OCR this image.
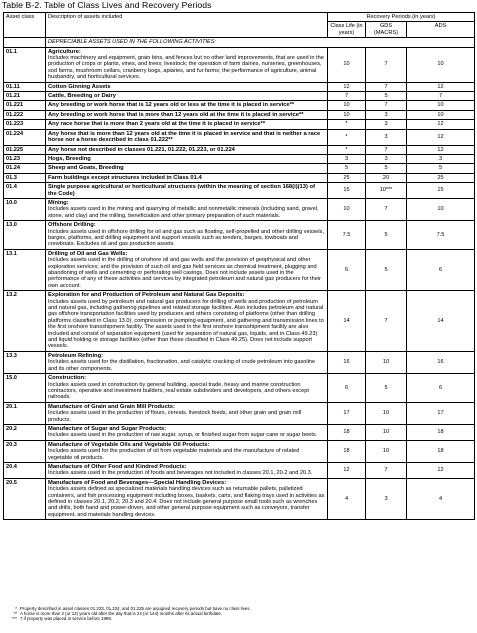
Table B-2. Table of Class Lives and Recovery Periods
Asset class	Description of assets included	Recovery Periods (in years)		
		Class Life (in years)	GDS (MACRS)	ADS
	DEPRECIABLE ASSETS USED IN THE FOLLOWING ACTIVITIES:			
01.1	Agriculture:
Includes machinery and equipment, grain bins, and fences but no other land improvements, that are used in the production of crops or plants, vines, and trees; livestock; the operation of farm dairies, nurseries, greenhouses, sod farms, mushroom cellars, cranberry bogs, apiaries, and fur farms; the performance of agriculture, animal husbandry, and horticultural services.	10	7	10
01.11	Cotton Ginning Assets	12	7	12
01.21	Cattle, Breeding or Dairy	7	5	7
01.221	Any breeding or work horse that is 12 years old or less at the time it is placed in service**	10	7	10
01.222	Any breeding or work horse that is more than 12 years old at the time it is placed in service**	10	3	10
01.223	Any race horse that is more than 2 years old at the time it is placed in service**	*	3	12
01.224	Any horse that is more than 12 years old at the time it is placed in service and that is neither a race horse nor a horse described in class 01.222**	*	3	12
01.225	Any horse not described in classes 01.221, 01.222, 01.223, or 01.224	*	7	12
01.23	Hogs, Breeding	3	3	3
01.24	Sheep and Goats, Breeding	5	5	5
01.3	Farm buildings except structures included in Class 01.4	25	20	25
01.4	Single purpose agricultural or horticultural structures (within the meaning of section 168(i)(13) of the Code)	15	10***	15
10.0	Mining:
Includes assets used in the mining and quarrying of metallic and nonmetallic minerals (including sand, gravel, stone, and clay) and the milling, beneficiation and other primary preparation of such materials.	10	7	10
13.0	Offshore Drilling:
Includes assets used in offshore drilling for oil and gas such as floating, self-propelled and other drilling vessels, barges, platforms, and drilling equipment and support vessels such as tenders, barges, towboats and crewboats. Excludes oil and gas production assets.	7.5	5	7.5
13.1	Drilling of Oil and Gas Wells:
Includes assets used in the drilling of onshore oil and gas wells and the provision of geophysical and other exploration services; and the provision of such oil and gas field services as chemical treatment, plugging and abandoning of wells and cementing or perforating well casings. Does not include assets used in the performance of any of these activities and services by integrated petroleum and natural gas producers for their own account.	6	5	6
13.2	Exploration for and Production of Petroleum and Natural Gas Deposits:
Includes assets used by petroleum and natural gas producers for drilling of wells and production of petroleum and natural gas, including gathering pipelines and related storage facilities. Also includes petroleum and natural gas offshore transportation facilities used by producers and others consisting of platforms (other than drilling platforms classified in Class 13.0), compression or pumping equipment, and gathering and transmission lines to the first onshore transshipment facility. The assets used in the first onshore transshipment facility are also included and consist of separation equipment (used for separation of natural gas, liquids, and in Class 49.23) and liquid holding or storage facilities (other than those classified in Class 49.25). Does not include support vessels.	14	7	14
13.3	Petroleum Refining:
Includes assets used for the distillation, fractionation, and catalytic cracking of crude petroleum into gasoline and its other components.	16	10	16
15.0	Construction:
Includes assets used in construction by general building, special trade, heavy and marine construction contractors, operative and investment builders, real estate subdividers and developers, and others except railroads.	6	5	6
20.1	Manufacture of Grain and Grain Mill Products:
Includes assets used in the production of flours, cereals, livestock feeds, and other grain and grain mill products.	17	10	17
20.2	Manufacture of Sugar and Sugar Products:
Includes assets used in the production of raw sugar, syrup, or finished sugar from sugar cane or sugar beets.	18	10	18
20.3	Manufacture of Vegetable Oils and Vegetable Oil Products:
Includes assets used for the production of oil from vegetable materials and the manufacture of related vegetable oil products.	18	10	18
20.4	Manufacture of Other Food and Kindred Products:
Includes assets used in the production of foods and beverages not included in classes 20.1, 20.2 and 20.3.	12	7	12
20.5	Manufacture of Food and Beverages—Special Handling Devices:
Includes assets defined as specialized materials handling devices such as returnable pallets, palletized containers, and fish processing equipment including boxes, baskets, carts, and flaking trays used in activities as defined in classes 20.1, 20.2, 20.3 and 20.4. Does not include general purpose small tools such as wrenches and drills, both hand and power-driven, and other general purpose equipment such as conveyors, transfer equipment, and materials handling devices.	4	3	4
* Property described in asset classes 01.223, 01.224, and 01.225 are assigned recovery periods but have no class lives.
** A horse is more than 2 (or 12) years old after the day that is 24 (or 144) months after its actual birthdate.
*** 7 if property was placed in service before 1989.
